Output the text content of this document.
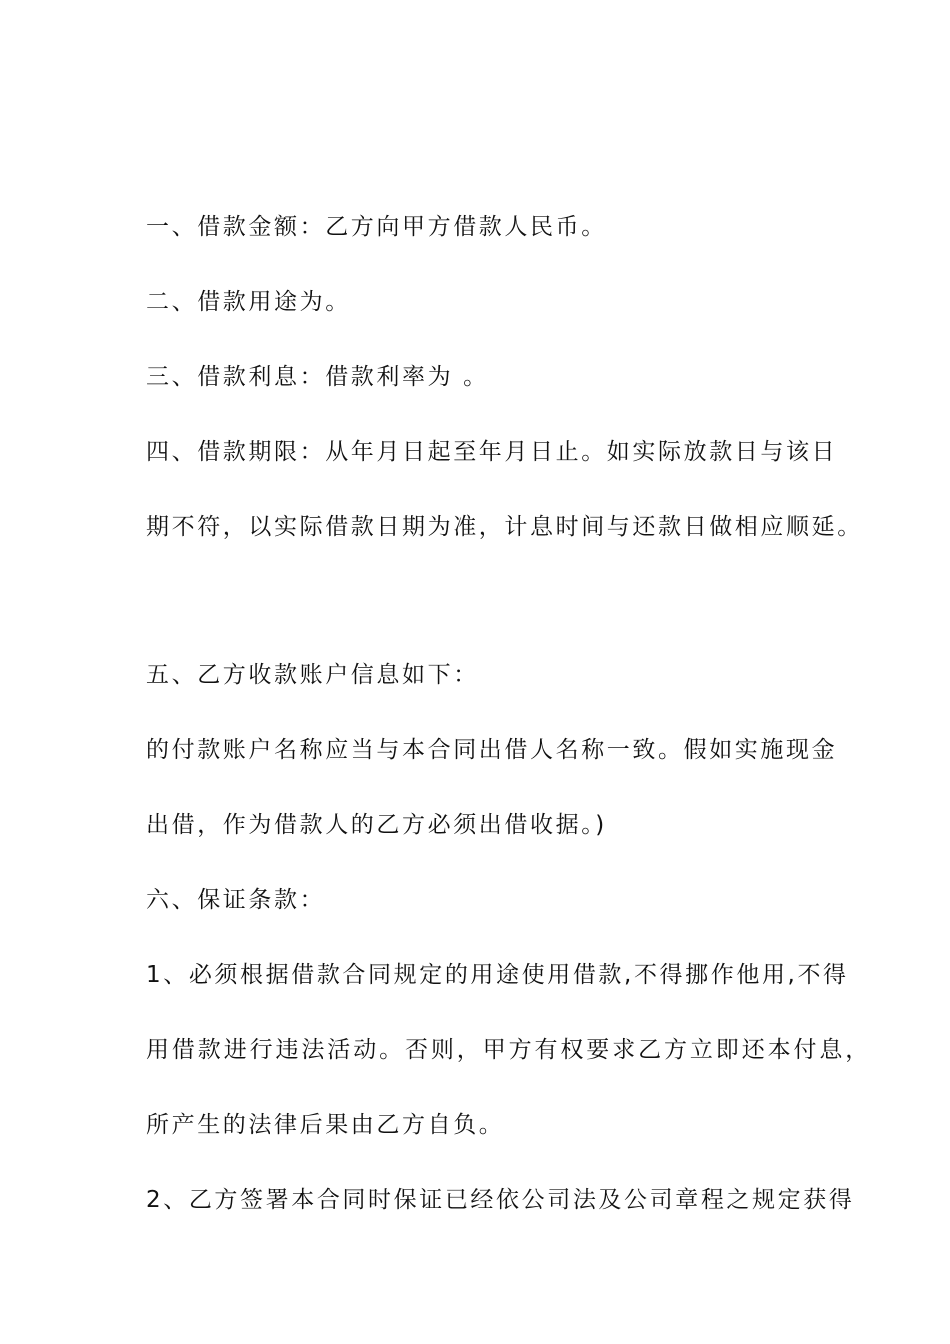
一、借款金额：乙方向甲方借款人民币。

二、借款用途为。

三、借款利息：借款利率为 。

四、借款期限：从年月日起至年月日止。如实际放款日与该日

期不符，以实际借款日期为准，计息时间与还款日做相应顺延。

五、乙方收款账户信息如下：

的付款账户名称应当与本合同出借人名称一致。假如实施现金

出借，作为借款人的乙方必须出借收据。)

六、保证条款：

1、必须根据借款合同规定的用途使用借款,不得挪作他用,不得

用借款进行违法活动。否则，甲方有权要求乙方立即还本付息，

所产生的法律后果由乙方自负。

2、乙方签署本合同时保证已经依公司法及公司章程之规定获得
